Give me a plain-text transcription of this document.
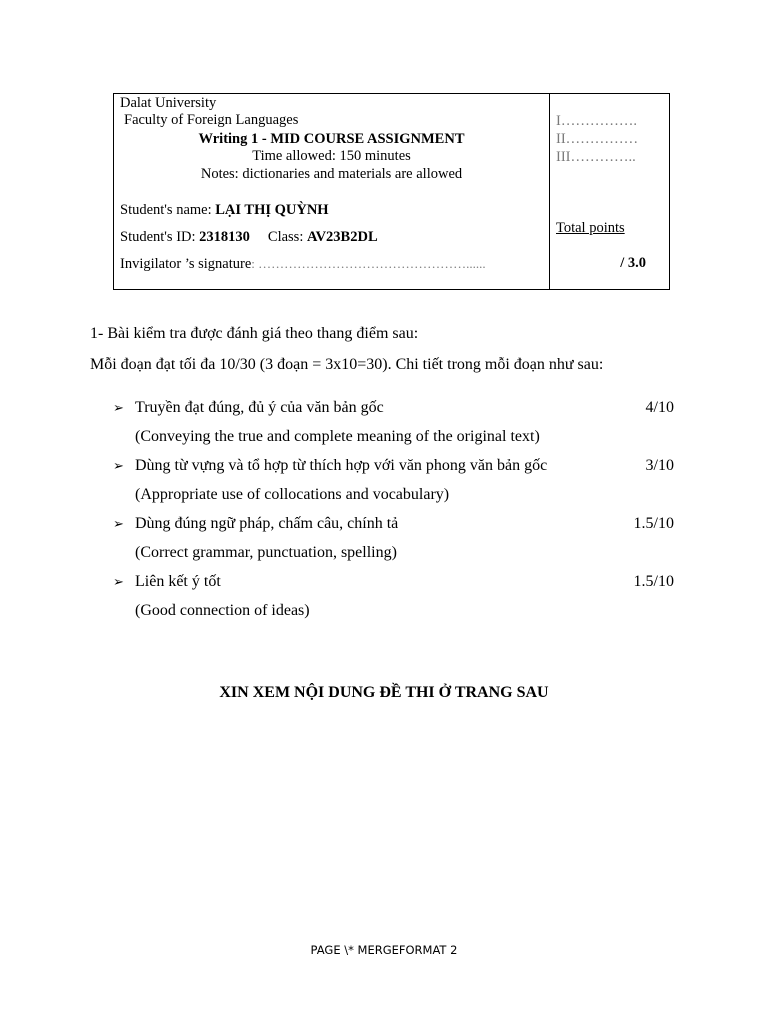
Dalat University
Faculty of Foreign Languages
Writing 1 - MID COURSE ASSIGNMENT
Time allowed: 150 minutes
Notes: dictionaries and materials are allowed
Student's name: LẠI THỊ QUỲNH
Student's ID: 2318130 Class: AV23B2DL
Invigilator ’s signature: …………………………………………......
I…………….
II……………
III…………..
Total points
/ 3.0
1- Bài kiểm tra được đánh giá theo thang điểm sau:
Mỗi đoạn đạt tối đa 10/30 (3 đoạn = 3x10=30). Chi tiết trong mỗi đoạn như sau:
➢ Truyền đạt đúng, đủ ý của văn bản gốc	4/10
(Conveying the true and complete meaning of the original text)
➢ Dùng từ vựng và tổ hợp từ thích hợp với văn phong văn bản gốc	3/10
(Appropriate use of collocations and vocabulary)
➢ Dùng đúng ngữ pháp, chấm câu, chính tả	1.5/10
(Correct grammar, punctuation, spelling)
➢ Liên kết ý tốt	1.5/10
(Good connection of ideas)
XIN XEM NỘI DUNG ĐỀ THI Ở TRANG SAU
PAGE \* MERGEFORMAT 2
